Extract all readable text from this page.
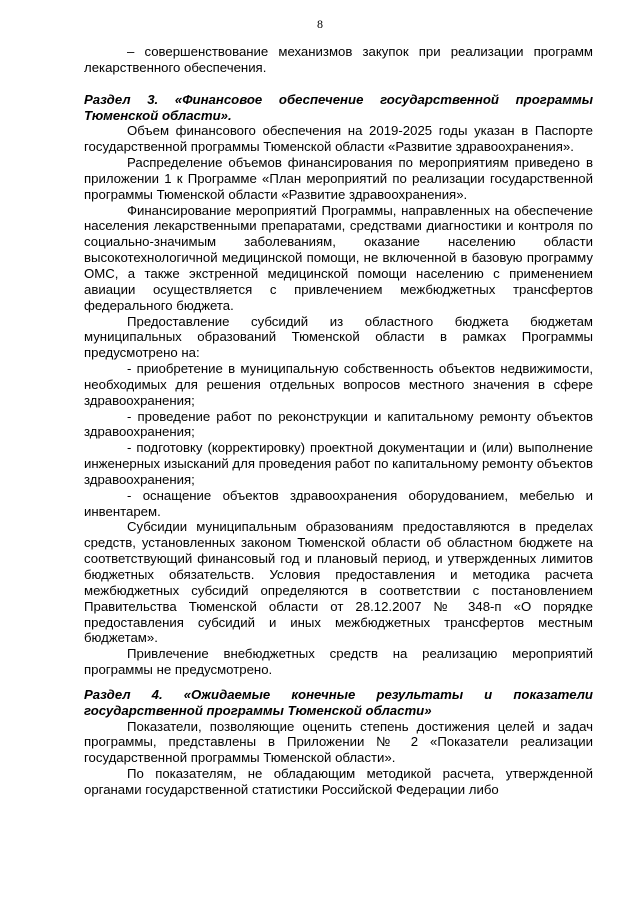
8

– совершенствование механизмов закупок при реализации программ лекарственного обеспечения.

Раздел 3. «Финансовое обеспечение государственной программы Тюменской области».

Объем финансового обеспечения на 2019-2025 годы указан в Паспорте государственной программы Тюменской области «Развитие здравоохранения».

Распределение объемов финансирования по мероприятиям приведено в приложении 1 к Программе «План мероприятий по реализации государственной программы Тюменской области «Развитие здравоохранения».

Финансирование мероприятий Программы, направленных на обеспечение населения лекарственными препаратами, средствами диагностики и контроля по социально-значимым заболеваниям, оказание населению области высокотехнологичной медицинской помощи, не включенной в базовую программу ОМС, а также экстренной медицинской помощи населению с применением авиации осуществляется с привлечением межбюджетных трансфертов федерального бюджета.

Предоставление субсидий из областного бюджета бюджетам муниципальных образований Тюменской области в рамках Программы предусмотрено на:

- приобретение в муниципальную собственность объектов недвижимости, необходимых для решения отдельных вопросов местного значения в сфере здравоохранения;

- проведение работ по реконструкции и капитальному ремонту объектов здравоохранения;

- подготовку (корректировку) проектной документации и (или) выполнение инженерных изысканий для проведения работ по капитальному ремонту объектов здравоохранения;

- оснащение объектов здравоохранения оборудованием, мебелью и инвентарем.

Субсидии муниципальным образованиям предоставляются в пределах средств, установленных законом Тюменской области об областном бюджете на соответствующий финансовый год и плановый период, и утвержденных лимитов бюджетных обязательств. Условия предоставления и методика расчета межбюджетных субсидий определяются в соответствии с постановлением Правительства Тюменской области от 28.12.2007 № 348-п «О порядке предоставления субсидий и иных межбюджетных трансфертов местным бюджетам».

Привлечение внебюджетных средств на реализацию мероприятий программы не предусмотрено.

Раздел 4. «Ожидаемые конечные результаты и показатели государственной программы Тюменской области»

Показатели, позволяющие оценить степень достижения целей и задач программы, представлены в Приложении № 2 «Показатели реализации государственной программы Тюменской области».

По показателям, не обладающим методикой расчета, утвержденной органами государственной статистики Российской Федерации либо
